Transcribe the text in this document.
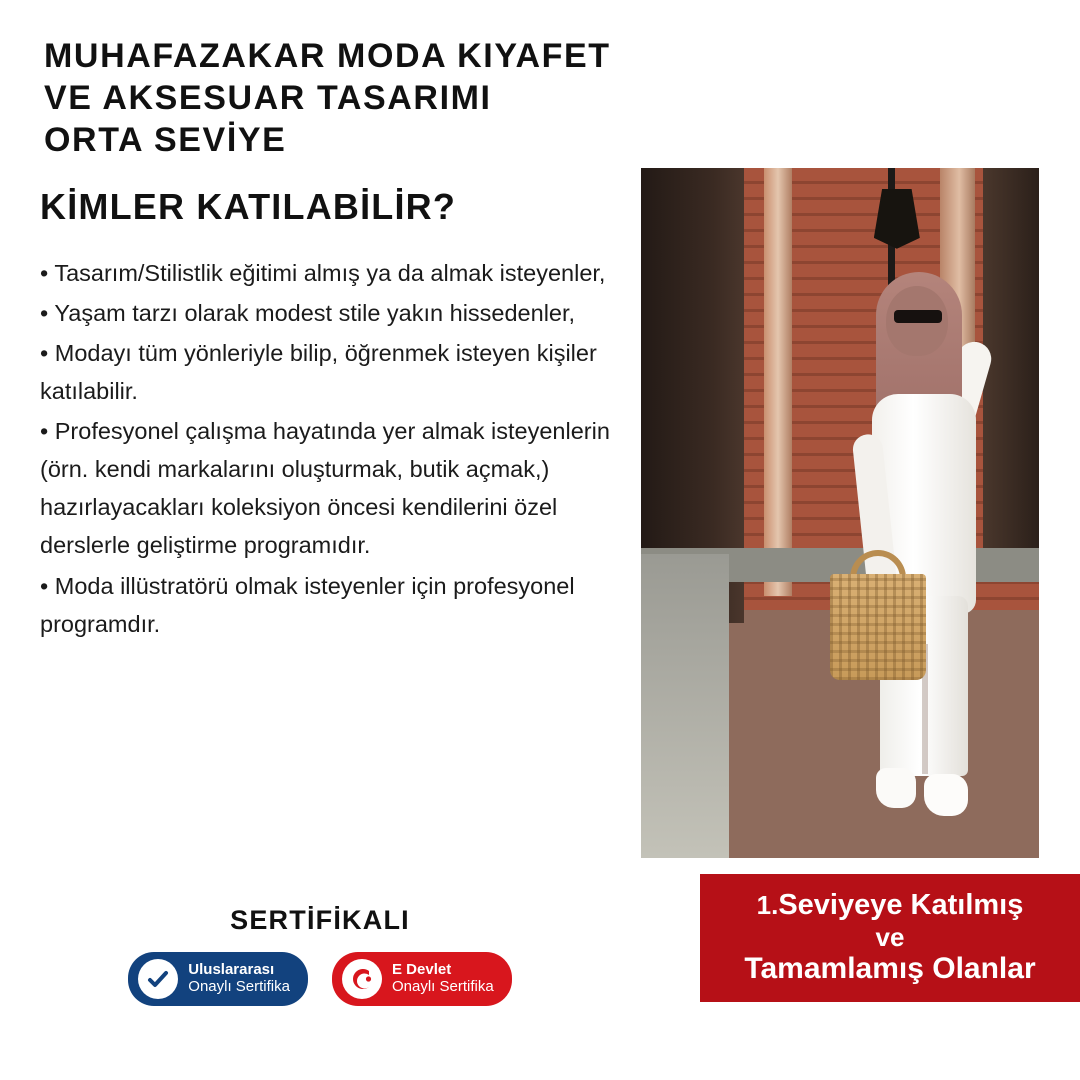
MUHAFAZAKAR MODA KIYAFET
VE AKSESUAR TASARIMI
ORTA SEVİYE
KİMLER KATILABİLİR?
• Tasarım/Stilistlik eğitimi almış ya da almak isteyenler,
• Yaşam tarzı olarak modest stile yakın hissedenler,
• Modayı tüm yönleriyle bilip, öğrenmek isteyen kişiler katılabilir.
• Profesyonel çalışma hayatında yer almak isteyenlerin (örn. kendi markalarını oluşturmak, butik açmak,) hazırlayacakları koleksiyon öncesi kendilerini özel derslerle geliştirme programıdır.
• Moda illüstratörü olmak isteyenler için profesyonel programdır.
SERTİFİKALI
Uluslararası
Onaylı Sertifika
E Devlet
Onaylı Sertifika
1.Seviyeye Katılmış
ve
Tamamlamış Olanlar
